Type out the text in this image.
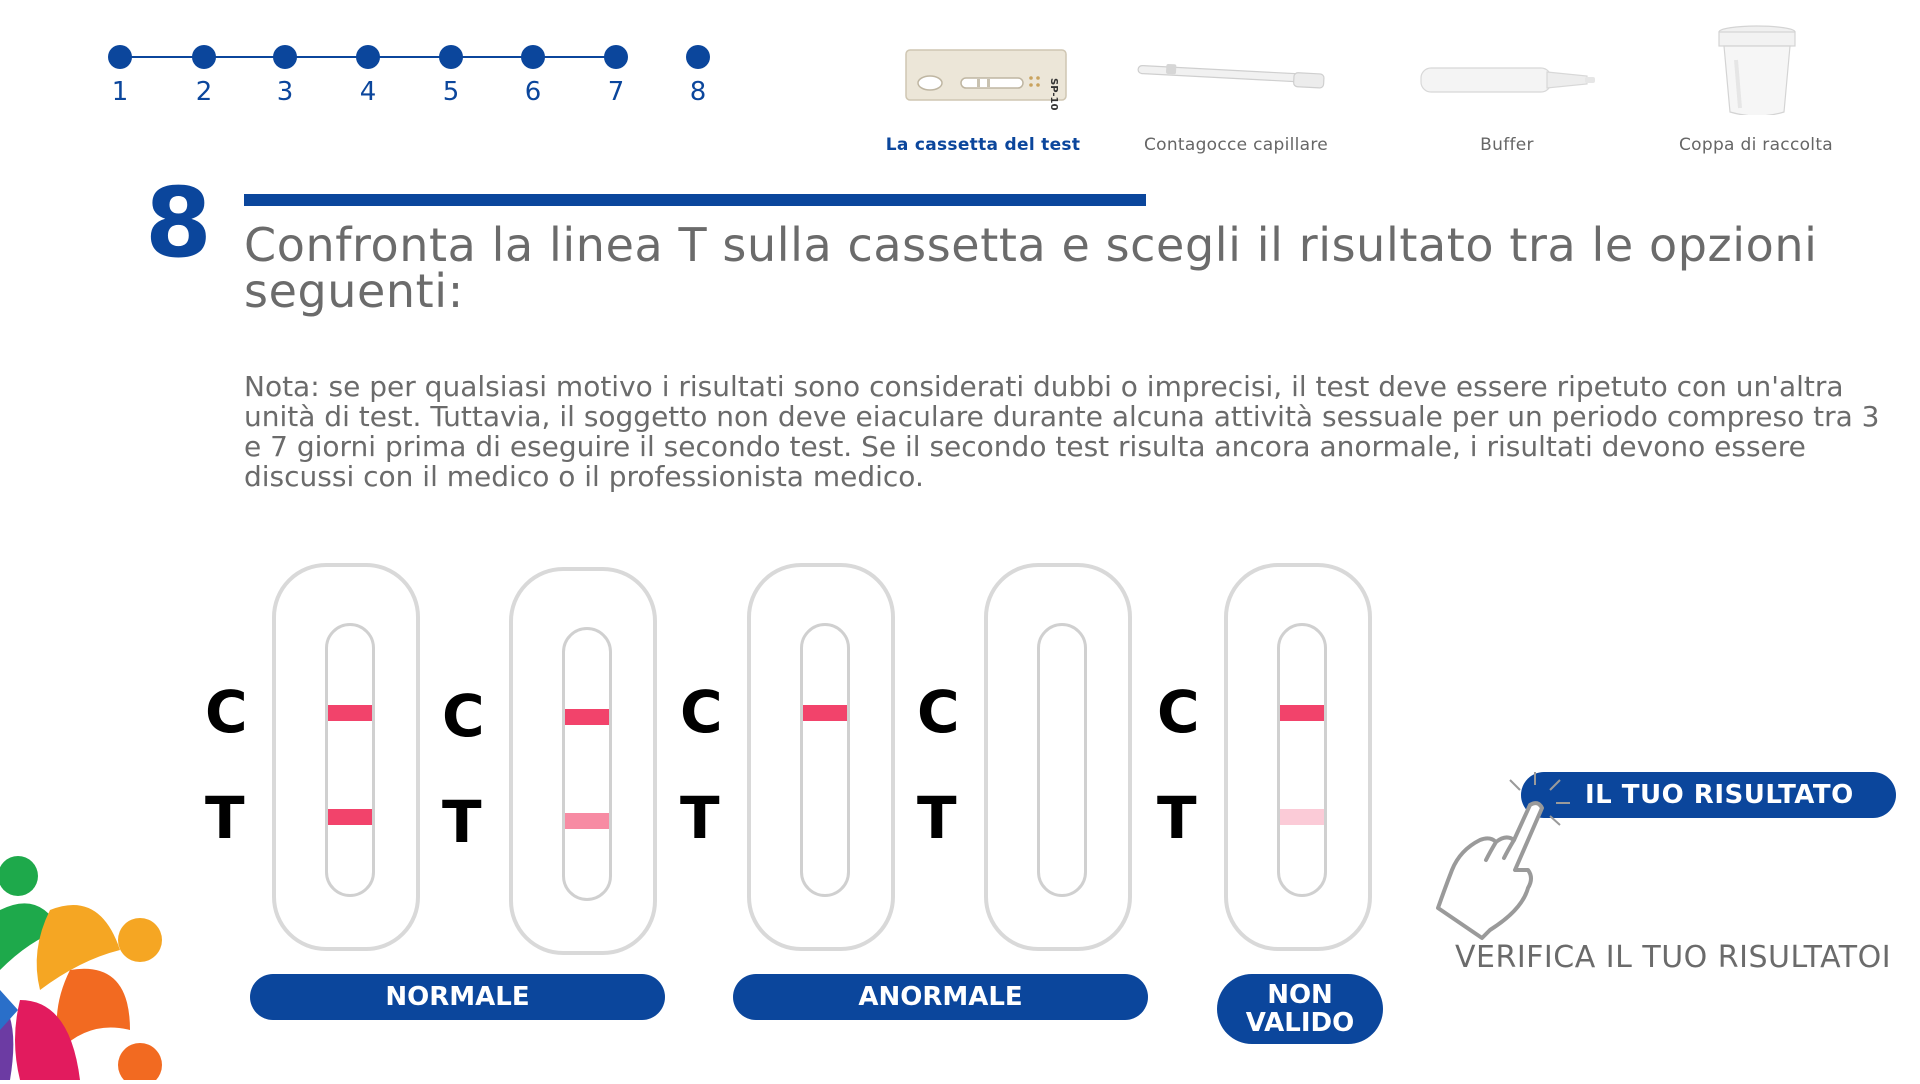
1	2	3	4	5	6	7	8	SP-10
La cassetta del test	Contagocce capillare	Buffer	Coppa di raccolta
8 Confronta la linea T sulla cassetta e scegli il risultato tra le opzioni seguenti:
Nota: se per qualsiasi motivo i risultati sono considerati dubbi o imprecisi, il test deve essere ripetuto con un'altra unità di test. Tuttavia, il soggetto non deve eiaculare durante alcuna attività sessuale per un periodo compreso tra 3 e 7 giorni prima di eseguire il secondo test. Se il secondo test risulta ancora anormale, i risultati devono essere discussi con il medico o il professionista medico.
C
T
C
T
C
T
C
T
C
T
NORMALE	ANORMALE	NON
VALIDO
IL TUO RISULTATO
VERIFICA IL TUO RISULTATOI
